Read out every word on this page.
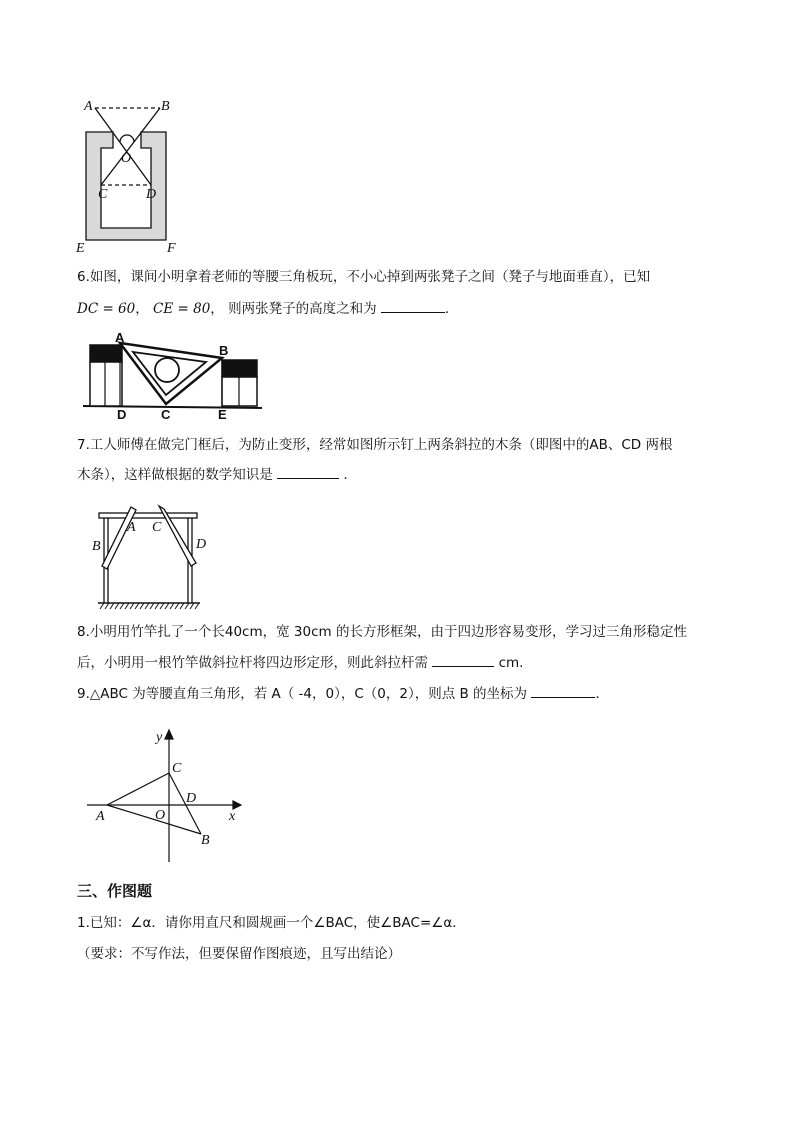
A	B
O
C	D
E	F
6.如图，课间小明拿着老师的等腰三角板玩，不小心掉到两张凳子之间（凳子与地面垂直），已知
DC = 60， CE = 80， 则两张凳子的高度之和为	.
A
B
D	C	E
7.工人师傅在做完门框后，为防止变形，经常如图所示钉上两条斜拉的木条（即图中的AB、CD 两根
木条），这样做根据的数学知识是	.
A
B
C
D
8.小明用竹竿扎了一个长40cm，宽 30cm 的长方形框架，由于四边形容易变形，学习过三角形稳定性
后，小明用一根竹竿做斜拉杆将四边形定形，则此斜拉杆需	cm.
9.△ABC 为等腰直角三角形，若 A（ -4，0），C（0，2），则点 B 的坐标为	.
y
C
D
A	O	x
B
三、作图题
1.已知：∠α．请你用直尺和圆规画一个∠BAC，使∠BAC=∠α．
（要求：不写作法，但要保留作图痕迹，且写出结论）
